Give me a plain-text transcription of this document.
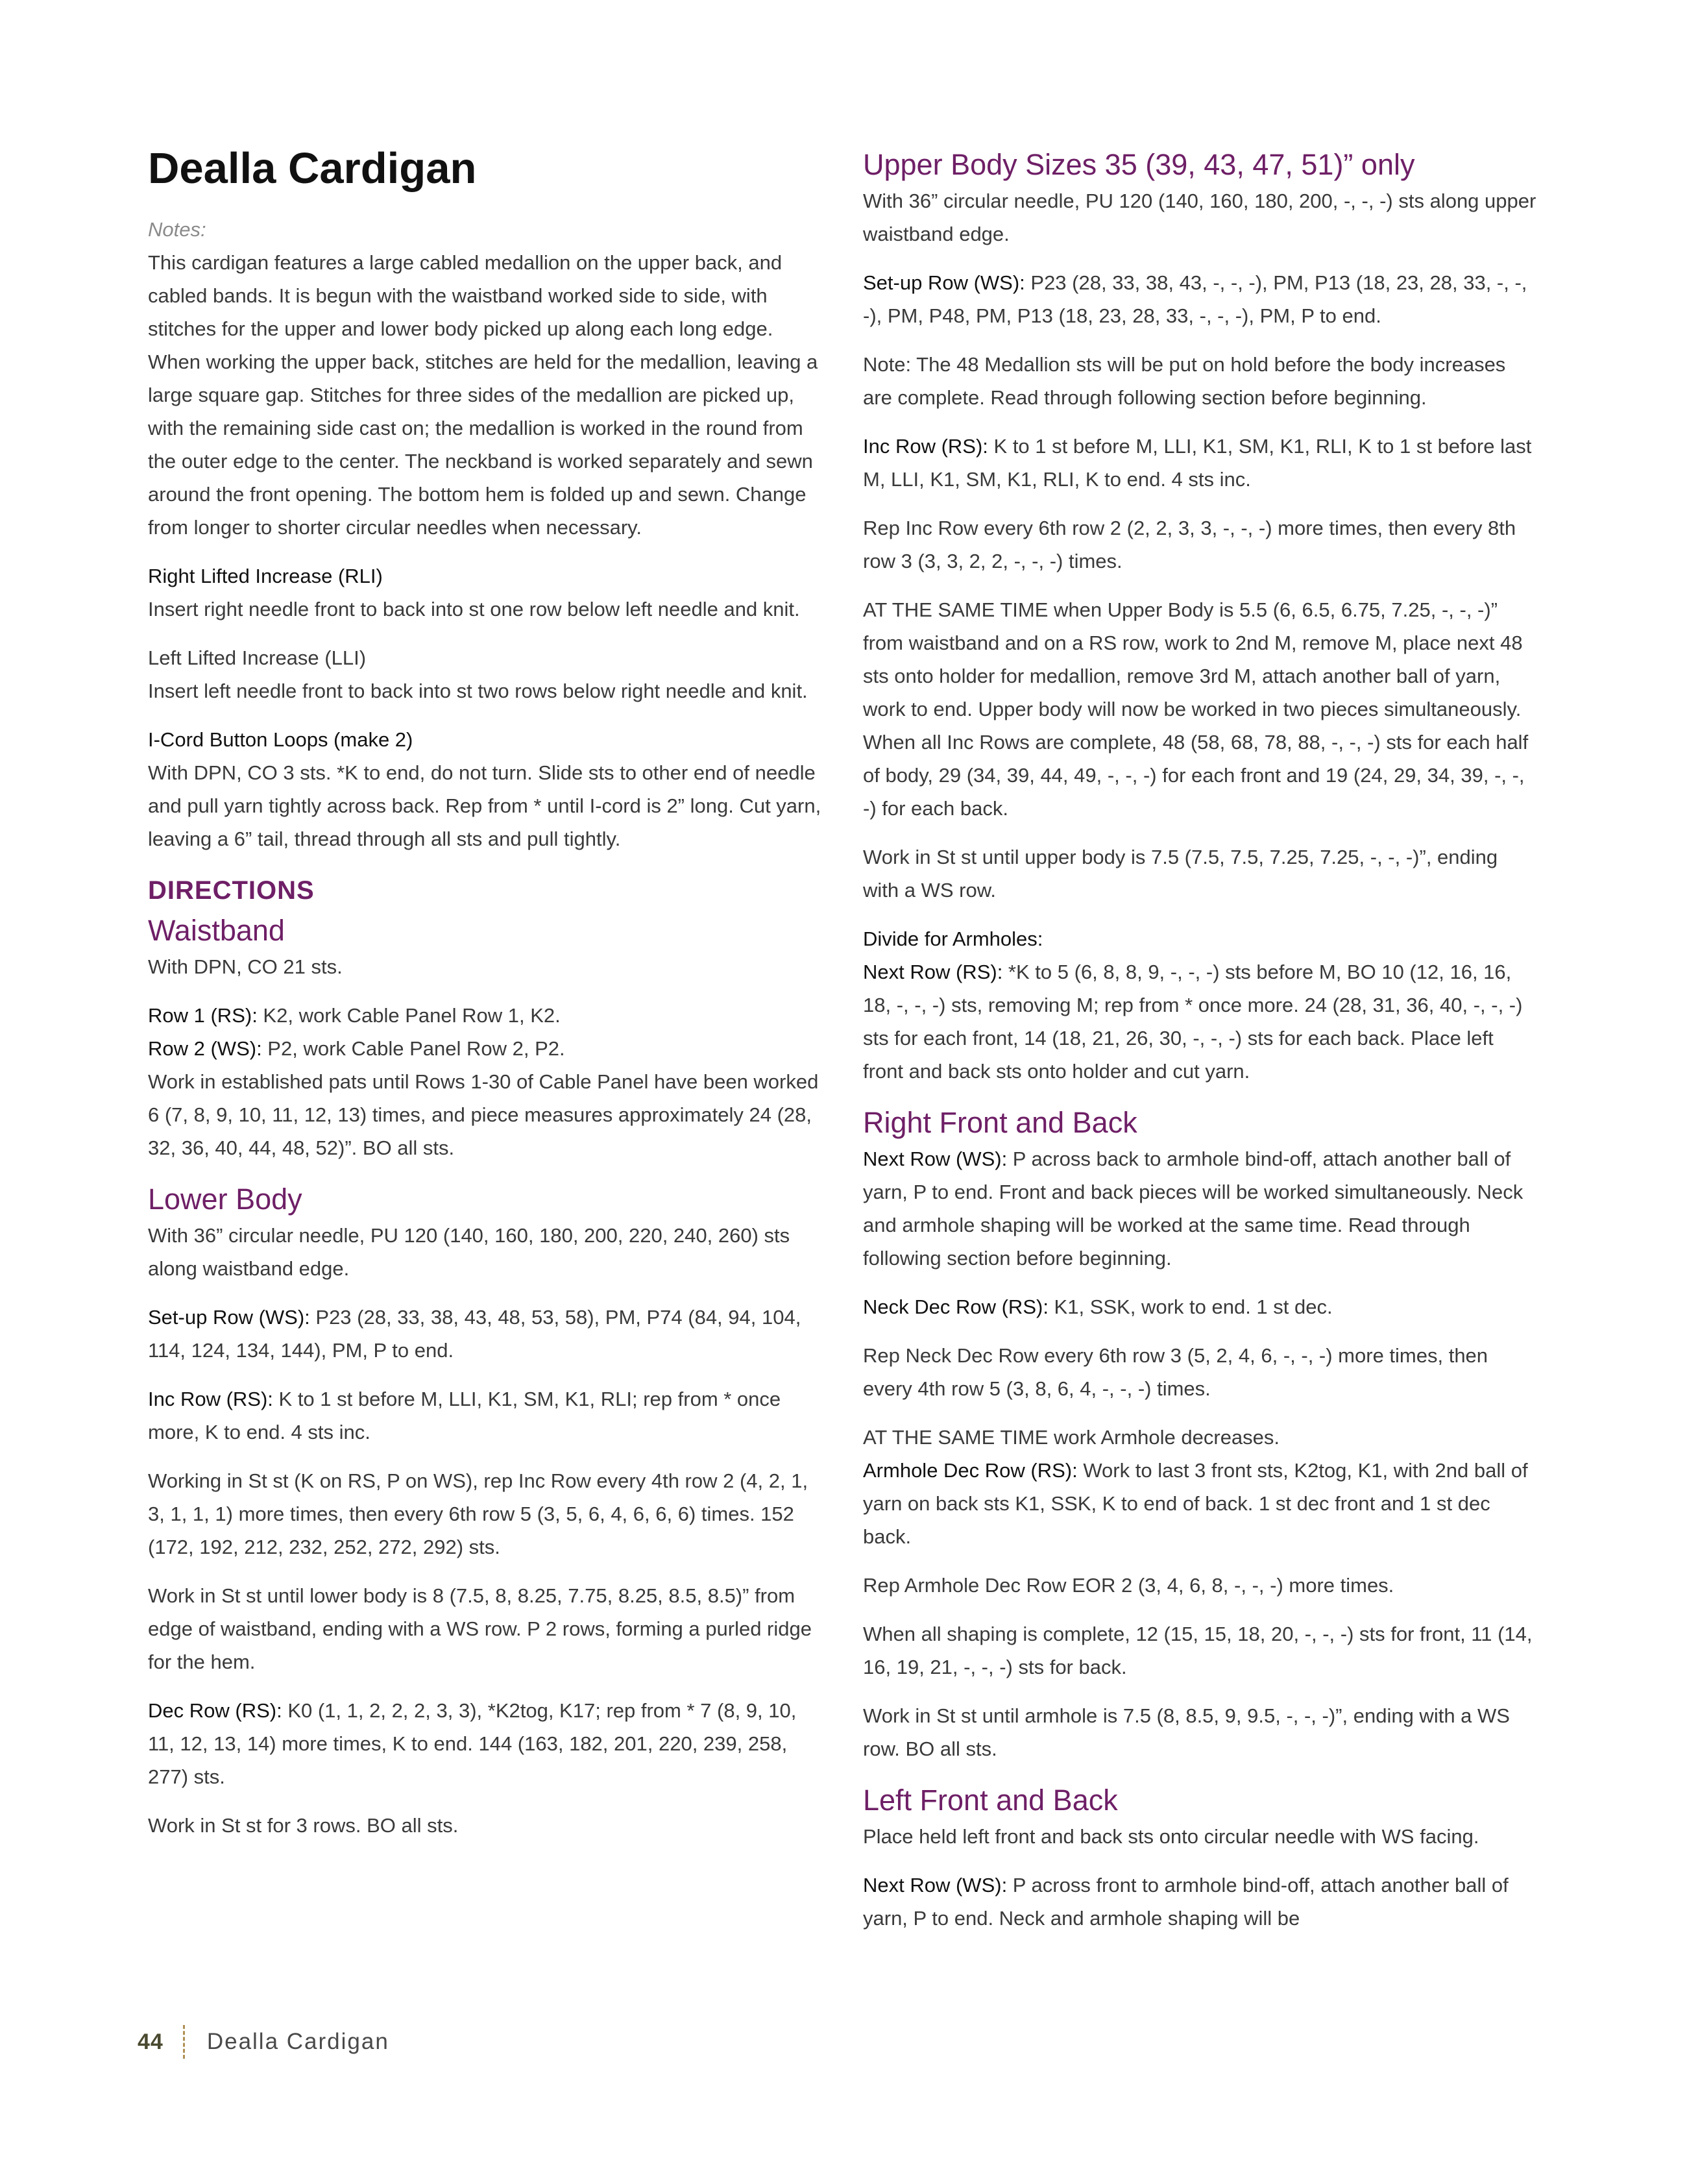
Dealla Cardigan

Notes:

This cardigan features a large cabled medallion on the upper back, and cabled bands. It is begun with the waistband worked side to side, with stitches for the upper and lower body picked up along each long edge. When working the upper back, stitches are held for the medallion, leaving a large square gap. Stitches for three sides of the medallion are picked up, with the remaining side cast on; the medallion is worked in the round from the outer edge to the center. The neckband is worked separately and sewn around the front opening. The bottom hem is folded up and sewn. Change from longer to shorter circular needles when necessary.

Right Lifted Increase (RLI)
Insert right needle front to back into st one row below left needle and knit.

Left Lifted Increase (LLI)
Insert left needle front to back into st two rows below right needle and knit.

I-Cord Button Loops (make 2)
With DPN, CO 3 sts. *K to end, do not turn. Slide sts to other end of needle and pull yarn tightly across back. Rep from * until I-cord is 2” long. Cut yarn, leaving a 6” tail, thread through all sts and pull tightly.

DIRECTIONS
Waistband

With DPN, CO 21 sts.

Row 1 (RS): K2, work Cable Panel Row 1, K2.
Row 2 (WS): P2, work Cable Panel Row 2, P2.
Work in established pats until Rows 1-30 of Cable Panel have been worked 6 (7, 8, 9, 10, 11, 12, 13) times, and piece measures approximately 24 (28, 32, 36, 40, 44, 48, 52)”. BO all sts.

Lower Body

With 36” circular needle, PU 120 (140, 160, 180, 200, 220, 240, 260) sts along waistband edge.

Set-up Row (WS): P23 (28, 33, 38, 43, 48, 53, 58), PM, P74 (84, 94, 104, 114, 124, 134, 144), PM, P to end.

Inc Row (RS): K to 1 st before M, LLI, K1, SM, K1, RLI; rep from * once more, K to end. 4 sts inc.

Working in St st (K on RS, P on WS), rep Inc Row every 4th row 2 (4, 2, 1, 3, 1, 1, 1) more times, then every 6th row 5 (3, 5, 6, 4, 6, 6, 6) times. 152 (172, 192, 212, 232, 252, 272, 292) sts.

Work in St st until lower body is 8 (7.5, 8, 8.25, 7.75, 8.25, 8.5, 8.5)” from edge of waistband, ending with a WS row. P 2 rows, forming a purled ridge for the hem.

Dec Row (RS): K0 (1, 1, 2, 2, 2, 3, 3), *K2tog, K17; rep from * 7 (8, 9, 10, 11, 12, 13, 14) more times, K to end. 144 (163, 182, 201, 220, 239, 258, 277) sts.

Work in St st for 3 rows. BO all sts.

Upper Body Sizes 35 (39, 43, 47, 51)” only

With 36” circular needle, PU 120 (140, 160, 180, 200, -, -, -) sts along upper waistband edge.

Set-up Row (WS): P23 (28, 33, 38, 43, -, -, -), PM, P13 (18, 23, 28, 33, -, -, -), PM, P48, PM, P13 (18, 23, 28, 33, -, -, -), PM, P to end.

Note: The 48 Medallion sts will be put on hold before the body increases are complete. Read through following section before beginning.

Inc Row (RS): K to 1 st before M, LLI, K1, SM, K1, RLI, K to 1 st before last M, LLI, K1, SM, K1, RLI, K to end. 4 sts inc.

Rep Inc Row every 6th row 2 (2, 2, 3, 3, -, -, -) more times, then every 8th row 3 (3, 3, 2, 2, -, -, -) times.

AT THE SAME TIME when Upper Body is 5.5 (6, 6.5, 6.75, 7.25, -, -, -)” from waistband and on a RS row, work to 2nd M, remove M, place next 48 sts onto holder for medallion, remove 3rd M, attach another ball of yarn, work to end. Upper body will now be worked in two pieces simultaneously. When all Inc Rows are complete, 48 (58, 68, 78, 88, -, -, -) sts for each half of body, 29 (34, 39, 44, 49, -, -, -) for each front and 19 (24, 29, 34, 39, -, -, -) for each back.

Work in St st until upper body is 7.5 (7.5, 7.5, 7.25, 7.25, -, -, -)”, ending with a WS row.

Divide for Armholes:
Next Row (RS): *K to 5 (6, 8, 8, 9, -, -, -) sts before M, BO 10 (12, 16, 16, 18, -, -, -) sts, removing M; rep from * once more. 24 (28, 31, 36, 40, -, -, -) sts for each front, 14 (18, 21, 26, 30, -, -, -) sts for each back. Place left front and back sts onto holder and cut yarn.

Right Front and Back

Next Row (WS): P across back to armhole bind-off, attach another ball of yarn, P to end. Front and back pieces will be worked simultaneously. Neck and armhole shaping will be worked at the same time. Read through following section before beginning.

Neck Dec Row (RS): K1, SSK, work to end. 1 st dec.

Rep Neck Dec Row every 6th row 3 (5, 2, 4, 6, -, -, -) more times, then every 4th row 5 (3, 8, 6, 4, -, -, -) times.

AT THE SAME TIME work Armhole decreases.
Armhole Dec Row (RS): Work to last 3 front sts, K2tog, K1, with 2nd ball of yarn on back sts K1, SSK, K to end of back. 1 st dec front and 1 st dec back.

Rep Armhole Dec Row EOR 2 (3, 4, 6, 8, -, -, -) more times.

When all shaping is complete, 12 (15, 15, 18, 20, -, -, -) sts for front, 11 (14, 16, 19, 21, -, -, -) sts for back.

Work in St st until armhole is 7.5 (8, 8.5, 9, 9.5, -, -, -)”, ending with a WS row. BO all sts.

Left Front and Back

Place held left front and back sts onto circular needle with WS facing.

Next Row (WS): P across front to armhole bind-off, attach another ball of yarn, P to end. Neck and armhole shaping will be

44 Dealla Cardigan
